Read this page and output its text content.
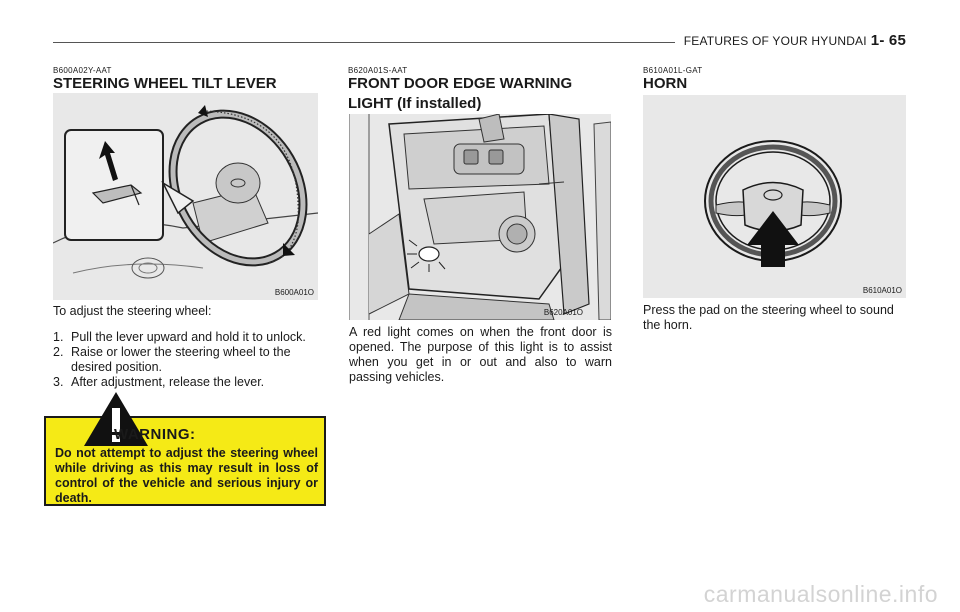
FEATURES OF YOUR HYUNDAI 1- 65
B600A02Y-AAT
STEERING WHEEL TILT LEVER
B600A01O
To adjust the steering wheel:
1. Pull the lever upward and hold it to unlock.
2. Raise or lower the steering wheel to the desired position.
3. After adjustment, release the lever.
WARNING:
Do not attempt to adjust the steering wheel while driving as this may result in loss of control of the vehicle and serious injury or death.
B620A01S-AAT
FRONT DOOR EDGE WARNING
LIGHT (If installed)
B620A01O
A red light comes on when the front door is opened. The purpose of this light is to assist when you get in or out and also to warn passing vehicles.
B610A01L-GAT
HORN
B610A01O
Press the pad on the steering wheel to sound the horn.
carmanualsonline.info
